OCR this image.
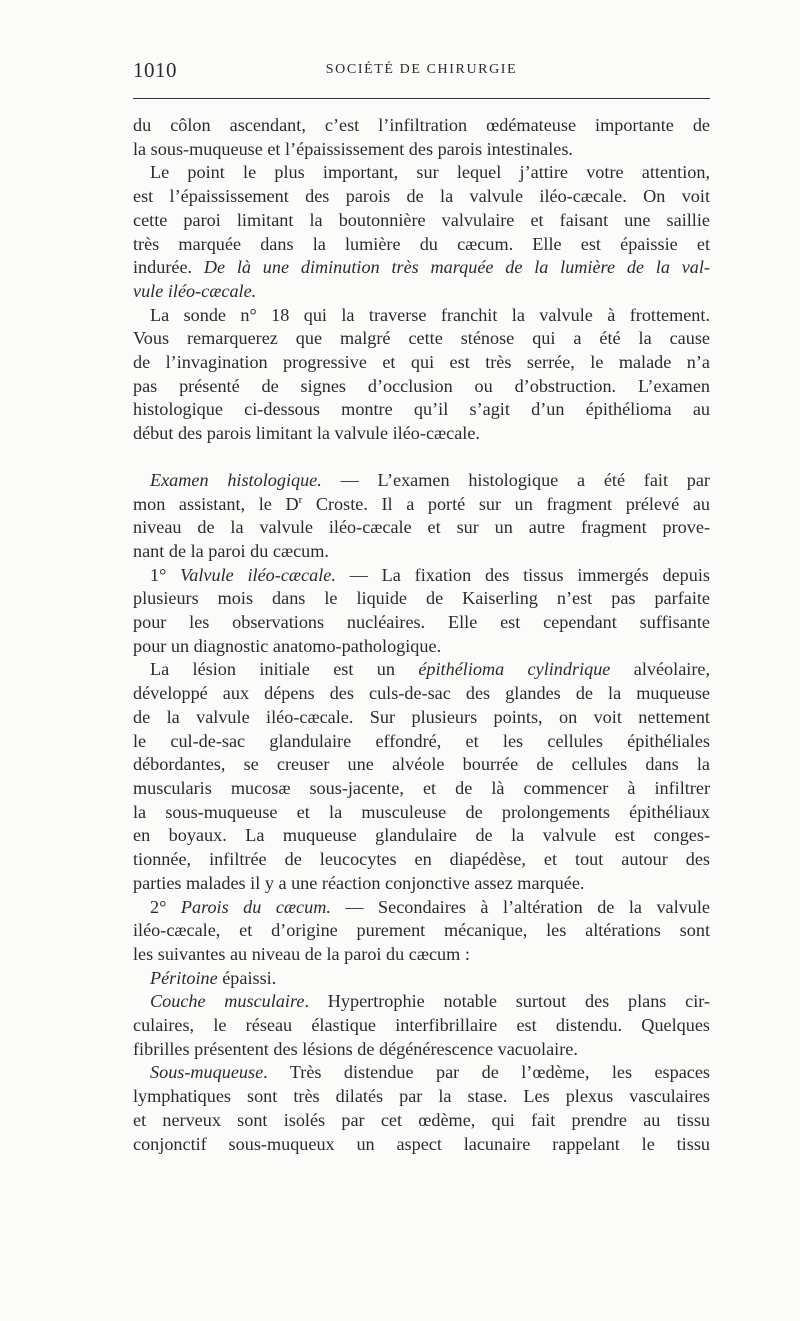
1010	SOCIÉTÉ DE CHIRURGIE
du côlon ascendant, c’est l’infiltration œdémateuse importante de
la sous-muqueuse et l’épaississement des parois intestinales.
Le point le plus important, sur lequel j’attire votre attention,
est l’épaississement des parois de la valvule iléo-cæcale. On voit
cette paroi limitant la boutonnière valvulaire et faisant une saillie
très marquée dans la lumière du cæcum. Elle est épaissie et
indurée. De là une diminution très marquée de la lumière de la val-
vule iléo-cæcale.
La sonde n° 18 qui la traverse franchit la valvule à frottement.
Vous remarquerez que malgré cette sténose qui a été la cause
de l’invagination progressive et qui est très serrée, le malade n’a
pas présenté de signes d’occlusion ou d’obstruction. L’examen
histologique ci-dessous montre qu’il s’agit d’un épithélioma au
début des parois limitant la valvule iléo-cæcale.
Examen histologique. — L’examen histologique a été fait par
mon assistant, le $D^r$ Croste. Il a porté sur un fragment prélevé au
niveau de la valvule iléo-cæcale et sur un autre fragment prove-
nant de la paroi du cæcum.
1° Valvule iléo-cæcale. — La fixation des tissus immergés depuis
plusieurs mois dans le liquide de Kaiserling n’est pas parfaite
pour les observations nucléaires. Elle est cependant suffisante
pour un diagnostic anatomo-pathologique.
La lésion initiale est un épithélioma cylindrique alvéolaire,
développé aux dépens des culs-de-sac des glandes de la muqueuse
de la valvule iléo-cæcale. Sur plusieurs points, on voit nettement
le cul-de-sac glandulaire effondré, et les cellules épithéliales
débordantes, se creuser une alvéole bourrée de cellules dans la
muscularis mucosæ sous-jacente, et de là commencer à infiltrer
la sous-muqueuse et la musculeuse de prolongements épithéliaux
en boyaux. La muqueuse glandulaire de la valvule est conges-
tionnée, infiltrée de leucocytes en diapédèse, et tout autour des
parties malades il y a une réaction conjonctive assez marquée.
2° Parois du cæcum. — Secondaires à l’altération de la valvule
iléo-cæcale, et d’origine purement mécanique, les altérations sont
les suivantes au niveau de la paroi du cæcum :
Péritoine épaissi.
Couche musculaire. Hypertrophie notable surtout des plans cir-
culaires, le réseau élastique interfibrillaire est distendu. Quelques
fibrilles présentent des lésions de dégénérescence vacuolaire.
Sous-muqueuse. Très distendue par de l’œdème, les espaces
lymphatiques sont très dilatés par la stase. Les plexus vasculaires
et nerveux sont isolés par cet œdème, qui fait prendre au tissu
conjonctif sous-muqueux un aspect lacunaire rappelant le tissu
